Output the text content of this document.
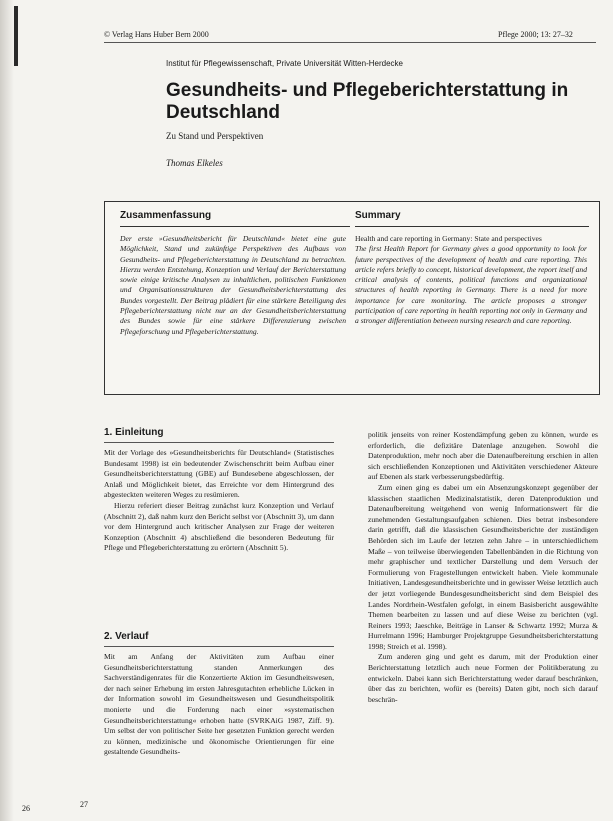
© Verlag Hans Huber Bern 2000	Pflege 2000; 13: 27–32
Institut für Pflegewissenschaft, Private Universität Witten-Herdecke
Gesundheits- und Pflegeberichterstattung in Deutschland
Zu Stand und Perspektiven
Thomas Elkeles
Zusammenfassung

Der erste »Gesundheitsbericht für Deutschland« bietet eine gute Möglichkeit, Stand und zukünftige Perspektiven des Aufbaus von Gesundheits- und Pflegeberichterstattung in Deutschland zu betrachten. Hierzu werden Entstehung, Konzeption und Verlauf der Berichterstattung sowie einige kritische Analysen zu inhaltlichen, politischen Funktionen und Organisationsstrukturen der Gesundheitsberichterstattung des Bundes vorgestellt. Der Beitrag plädiert für eine stärkere Beteiligung des Pflegeberichterstattung nicht nur an der Gesundheitsberichterstattung des Bundes sowie für eine stärkere Differenzierung zwischen Pflegeforschung und Pflegeberichterstattung.

Summary
Health and care reporting in Germany: State and perspectives
The first Health Report for Germany gives a good opportunity to look for future perspectives of the development of health and care reporting. This article refers briefly to concept, historical development, the report itself and critical analysis of contents, political functions and organizational structures of health reporting in Germany. There is a need for more importance for care monitoring. The article proposes a stronger participation of care reporting in health reporting not only in Germany and a stronger differentiation between nursing research and care reporting.
1. Einleitung

Mit der Vorlage des »Gesundheitsberichts für Deutschland« (Statistisches Bundesamt 1998) ist ein bedeutender Zwischenschritt beim Aufbau einer Gesundheitsberichterstattung (GBE) auf Bundesebene abgeschlossen, der Anlaß und Möglichkeit bietet, das Erreichte vor dem Hintergrund des abgesteckten weiteren Weges zu resümieren.

Hierzu referiert dieser Beitrag zunächst kurz Konzeption und Verlauf (Abschnitt 2), daß nahm kurz den Bericht selbst vor (Abschnitt 3), um dann vor dem Hintergrund auch kritischer Analysen zur Frage der weiteren Konzeption (Abschnitt 4) abschließend die besonderen Bedeutung für Pflege und Pflegeberichterstattung zu erörtern (Abschnitt 5).

2. Verlauf

Mit am Anfang der Aktivitäten zum Aufbau einer Gesundheitsberichterstattung standen Anmerkungen des Sachverständigenrates für die Konzertierte Aktion im Gesundheitswesen, der nach seiner Erhebung im ersten Jahresgutachten erhebliche Lücken in der Information sowohl im Gesundheitswesen und Gesundheitspolitik monierte und die Forderung nach einer »systematischen Gesundheitsberichterstattung« erhoben hatte (SVRKAiG 1987, Ziff. 9). Um selbst der von politischer Seite her gesetzten Funktion gerecht werden zu können, medizinische und ökonomische Orientierungen für eine gestaltende Gesundheits-

politik jenseits von reiner Kostendämpfung geben zu können, wurde es erforderlich, die defizitäre Datenlage anzugehen. Sowohl die Datenproduktion, mehr noch aber die Datenaufbereitung erschien in allen sich erschließenden Konzeptionen und Aktivitäten verschiedener Akteure auf Ebenen als stark verbesserungsbedürftig.

Zum einen ging es dabei um ein Absenzungskonzept gegenüber der klassischen staatlichen Medizinalstatistik, deren Datenproduktion und Datenaufbereitung weitgehend von wenig Informationswert für die zunehmenden Gestaltungsaufgaben schienen. Dies betrat insbesondere darin getrifft, daß die klassischen Gesundheitsberichte der zuständigen Behörden sich im Laufe der letzten zehn Jahre – in unterschiedlichem Maße – von teilweise überwiegenden Tabellenbänden in die Richtung von mehr graphischer und textlicher Darstellung und dem Versuch der Formulierung von Fragestellungen entwickelt haben. Viele kommunale Initiativen, Landesgesundheitsberichte und in gewisser Weise letztlich auch der jetzt vorliegende Bundesgesundheitsbericht sind dem Beispiel des Landes Nordrhein-Westfalen gefolgt, in einem Basisbericht ausgewählte Themen bearbeiten zu lassen und auf diese Weise zu berichten (vgl. Reiners 1993; Jaeschke, Beiträge in Lanser & Schwartz 1992; Murza & Hurrelmann 1996; Hamburger Projektgruppe Gesundheitsberichterstattung 1998; Streich et al. 1998).

Zum anderen ging und geht es darum, mit der Produktion einer Berichterstattung letztlich auch neue Formen der Politikberatung zu entwickeln. Dabei kann sich Berichterstattung weder darauf beschränken, über das zu berichten, wofür es (bereits) Daten gibt, noch sich darauf beschrän-

26	27
